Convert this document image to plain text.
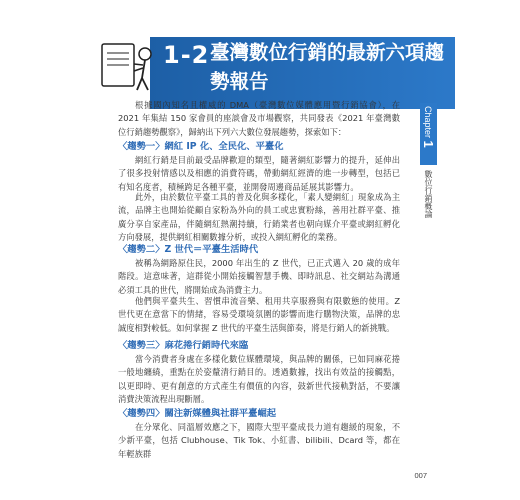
1-2 臺灣數位行銷的最新六項趨勢報告
Chapter 1
數位行銷概論

根據國內知名且權威的 DMA（臺灣數位媒體應用暨行銷協會），在 2021 年集結 150 家會員的座談會及市場觀察，共同發表《2021 年臺灣數位行銷趨勢觀察》，歸納出下列六大數位發展趨勢，探索如下：

〈趨勢一〉網紅 IP 化、全民化、平臺化

網紅行銷是目前最受品牌歡迎的類型，隨著網紅影響力的提升，延伸出了很多投射情感以及相應的消費符碼，帶動網紅經濟的進一步轉型，包括已有知名度者，積極跨足各種平臺，並開發周邊商品延展其影響力。

此外，由於數位平臺工具的普及化與多樣化，「素人變網紅」現象成為主流，品牌主也開始從顧自家粉為外向的員工或忠實粉絲，善用社群平臺、推廣分享自家產品，伴隨網紅熱潮持續，行銷業者也朝向媒介平臺或網紅孵化方向發展，提供網紅相關數據分析，或投入網紅孵化的業務。

〈趨勢二〉Z 世代＝平臺生活時代

被稱為網路原住民，2000 年出生的 Z 世代，已正式邁入 20 歲的成年階段。這意味著，這群從小開始接觸智慧手機、即時訊息、社交網站為溝通必須工具的世代，將開始成為消費主力。

他們與平臺共生、習慣串流音樂、租用共享服務與有限數態的使用。Z 世代更在意當下的情緒，容易受環境氛圍的影響而進行購物決策，品牌的忠誠度相對較低。如何掌握 Z 世代的平臺生活與節奏，將是行銷人的新挑戰。

〈趨勢三〉麻花捲行銷時代來臨

當今消費者身處在多樣化數位媒體環境，與品牌的關係，已如同麻花捲一般地纏繞，重點在於姿釐清行銷目的。透過數據，找出有效益的接觸點，以更即時、更有創意的方式產生有價值的內容，鼓新世代接軌對話，不要讓消費決策流程出現斷層。

〈趨勢四〉關注新媒體與社群平臺崛起

在分眾化、同溫層效應之下，國際大型平臺成長力道有趨緩的現象，不少新平臺，包括 Clubhouse、Tik Tok、小紅書、bilibili、Dcard 等，都在年輕族群

007
